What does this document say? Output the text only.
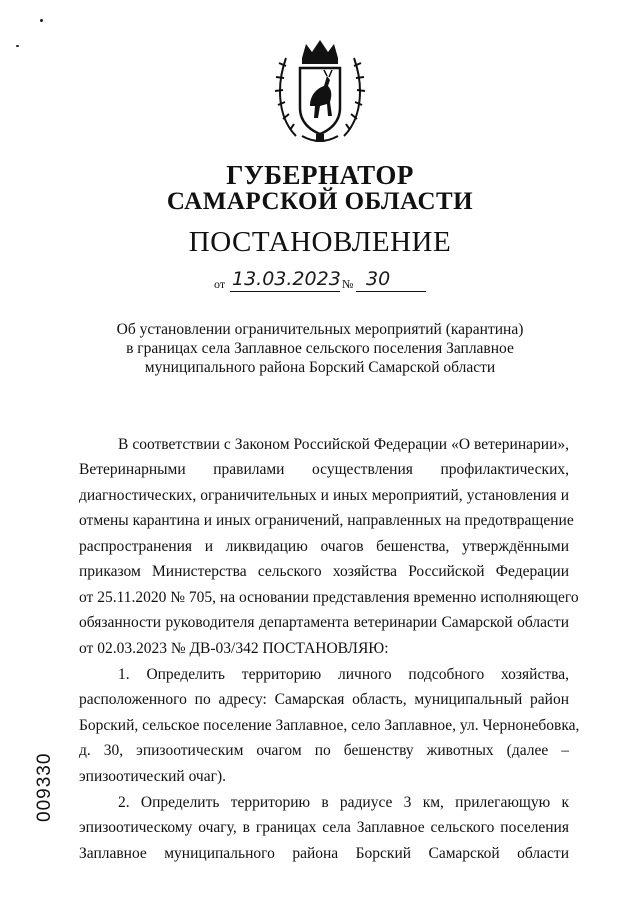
ГУБЕРНАТОР
САМАРСКОЙ ОБЛАСТИ
ПОСТАНОВЛЕНИЕ
от 13.03.2023 № 30
Об установлении ограничительных мероприятий (карантина)
в границах села Заплавное сельского поселения Заплавное
муниципального района Борский Самарской области
В соответствии с Законом Российской Федерации «О ветеринарии»,
Ветеринарными правилами осуществления профилактических,
диагностических, ограничительных и иных мероприятий, установления и
отмены карантина и иных ограничений, направленных на предотвращение
распространения и ликвидацию очагов бешенства, утверждёнными
приказом Министерства сельского хозяйства Российской Федерации
от 25.11.2020 № 705, на основании представления временно исполняющего
обязанности руководителя департамента ветеринарии Самарской области
от 02.03.2023 № ДВ-03/342 ПОСТАНОВЛЯЮ:
1. Определить территорию личного подсобного хозяйства,
расположенного по адресу: Самарская область, муниципальный район
Борский, сельское поселение Заплавное, село Заплавное, ул. Чернонебовка,
д. 30, эпизоотическим очагом по бешенству животных (далее –
эпизоотический очаг).
2. Определить территорию в радиусе 3 км, прилегающую к
эпизоотическому очагу, в границах села Заплавное сельского поселения
Заплавное муниципального района Борский Самарской области
009330
